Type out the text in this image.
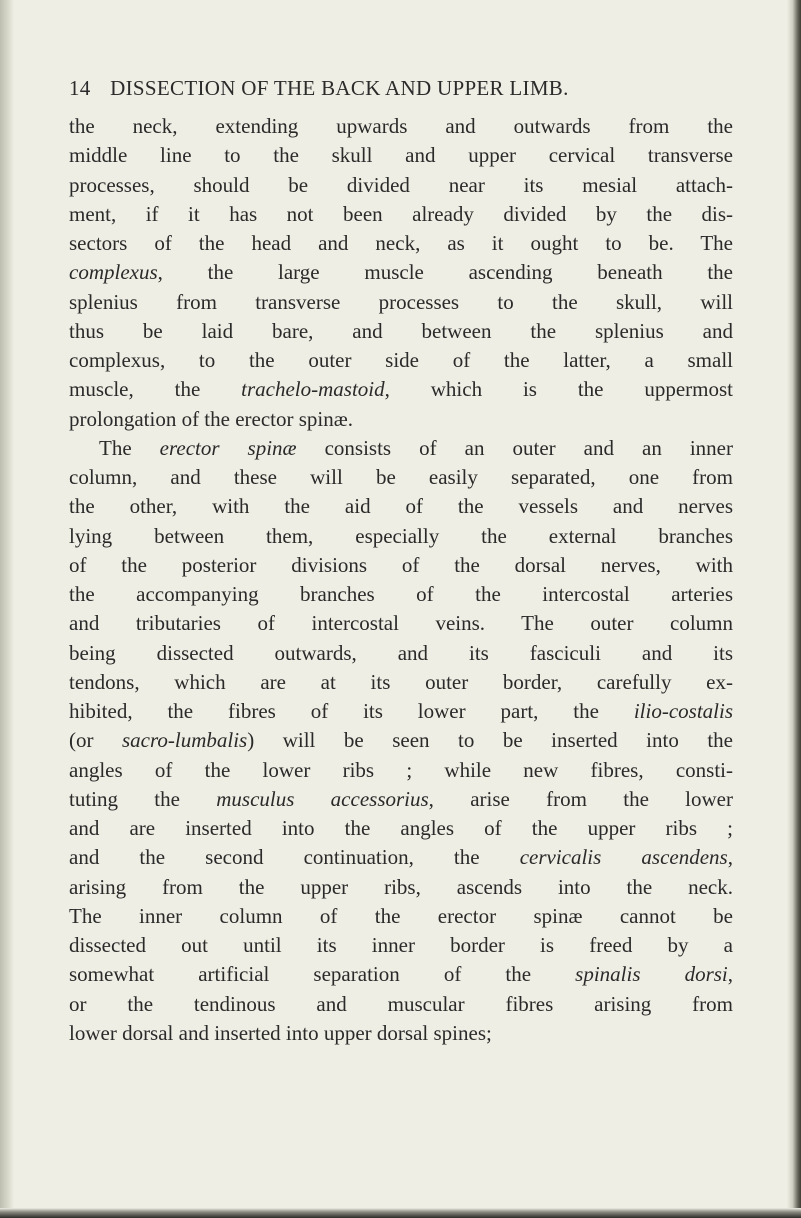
14 DISSECTION OF THE BACK AND UPPER LIMB.
the neck, extending upwards and outwards from the
middle line to the skull and upper cervical transverse
processes, should be divided near its mesial attach-
ment, if it has not been already divided by the dis-
sectors of the head and neck, as it ought to be. The
complexus, the large muscle ascending beneath the
splenius from transverse processes to the skull, will
thus be laid bare, and between the splenius and
complexus, to the outer side of the latter, a small
muscle, the trachelo-mastoid, which is the uppermost
prolongation of the erector spinæ.
The erector spinæ consists of an outer and an inner
column, and these will be easily separated, one from
the other, with the aid of the vessels and nerves
lying between them, especially the external branches
of the posterior divisions of the dorsal nerves, with
the accompanying branches of the intercostal arteries
and tributaries of intercostal veins. The outer column
being dissected outwards, and its fasciculi and its
tendons, which are at its outer border, carefully ex-
hibited, the fibres of its lower part, the ilio-costalis
(or sacro-lumbalis) will be seen to be inserted into the
angles of the lower ribs ; while new fibres, consti-
tuting the musculus accessorius, arise from the lower
and are inserted into the angles of the upper ribs ;
and the second continuation, the cervicalis ascendens,
arising from the upper ribs, ascends into the neck.
The inner column of the erector spinæ cannot be
dissected out until its inner border is freed by a
somewhat artificial separation of the spinalis dorsi,
or the tendinous and muscular fibres arising from
lower dorsal and inserted into upper dorsal spines;
